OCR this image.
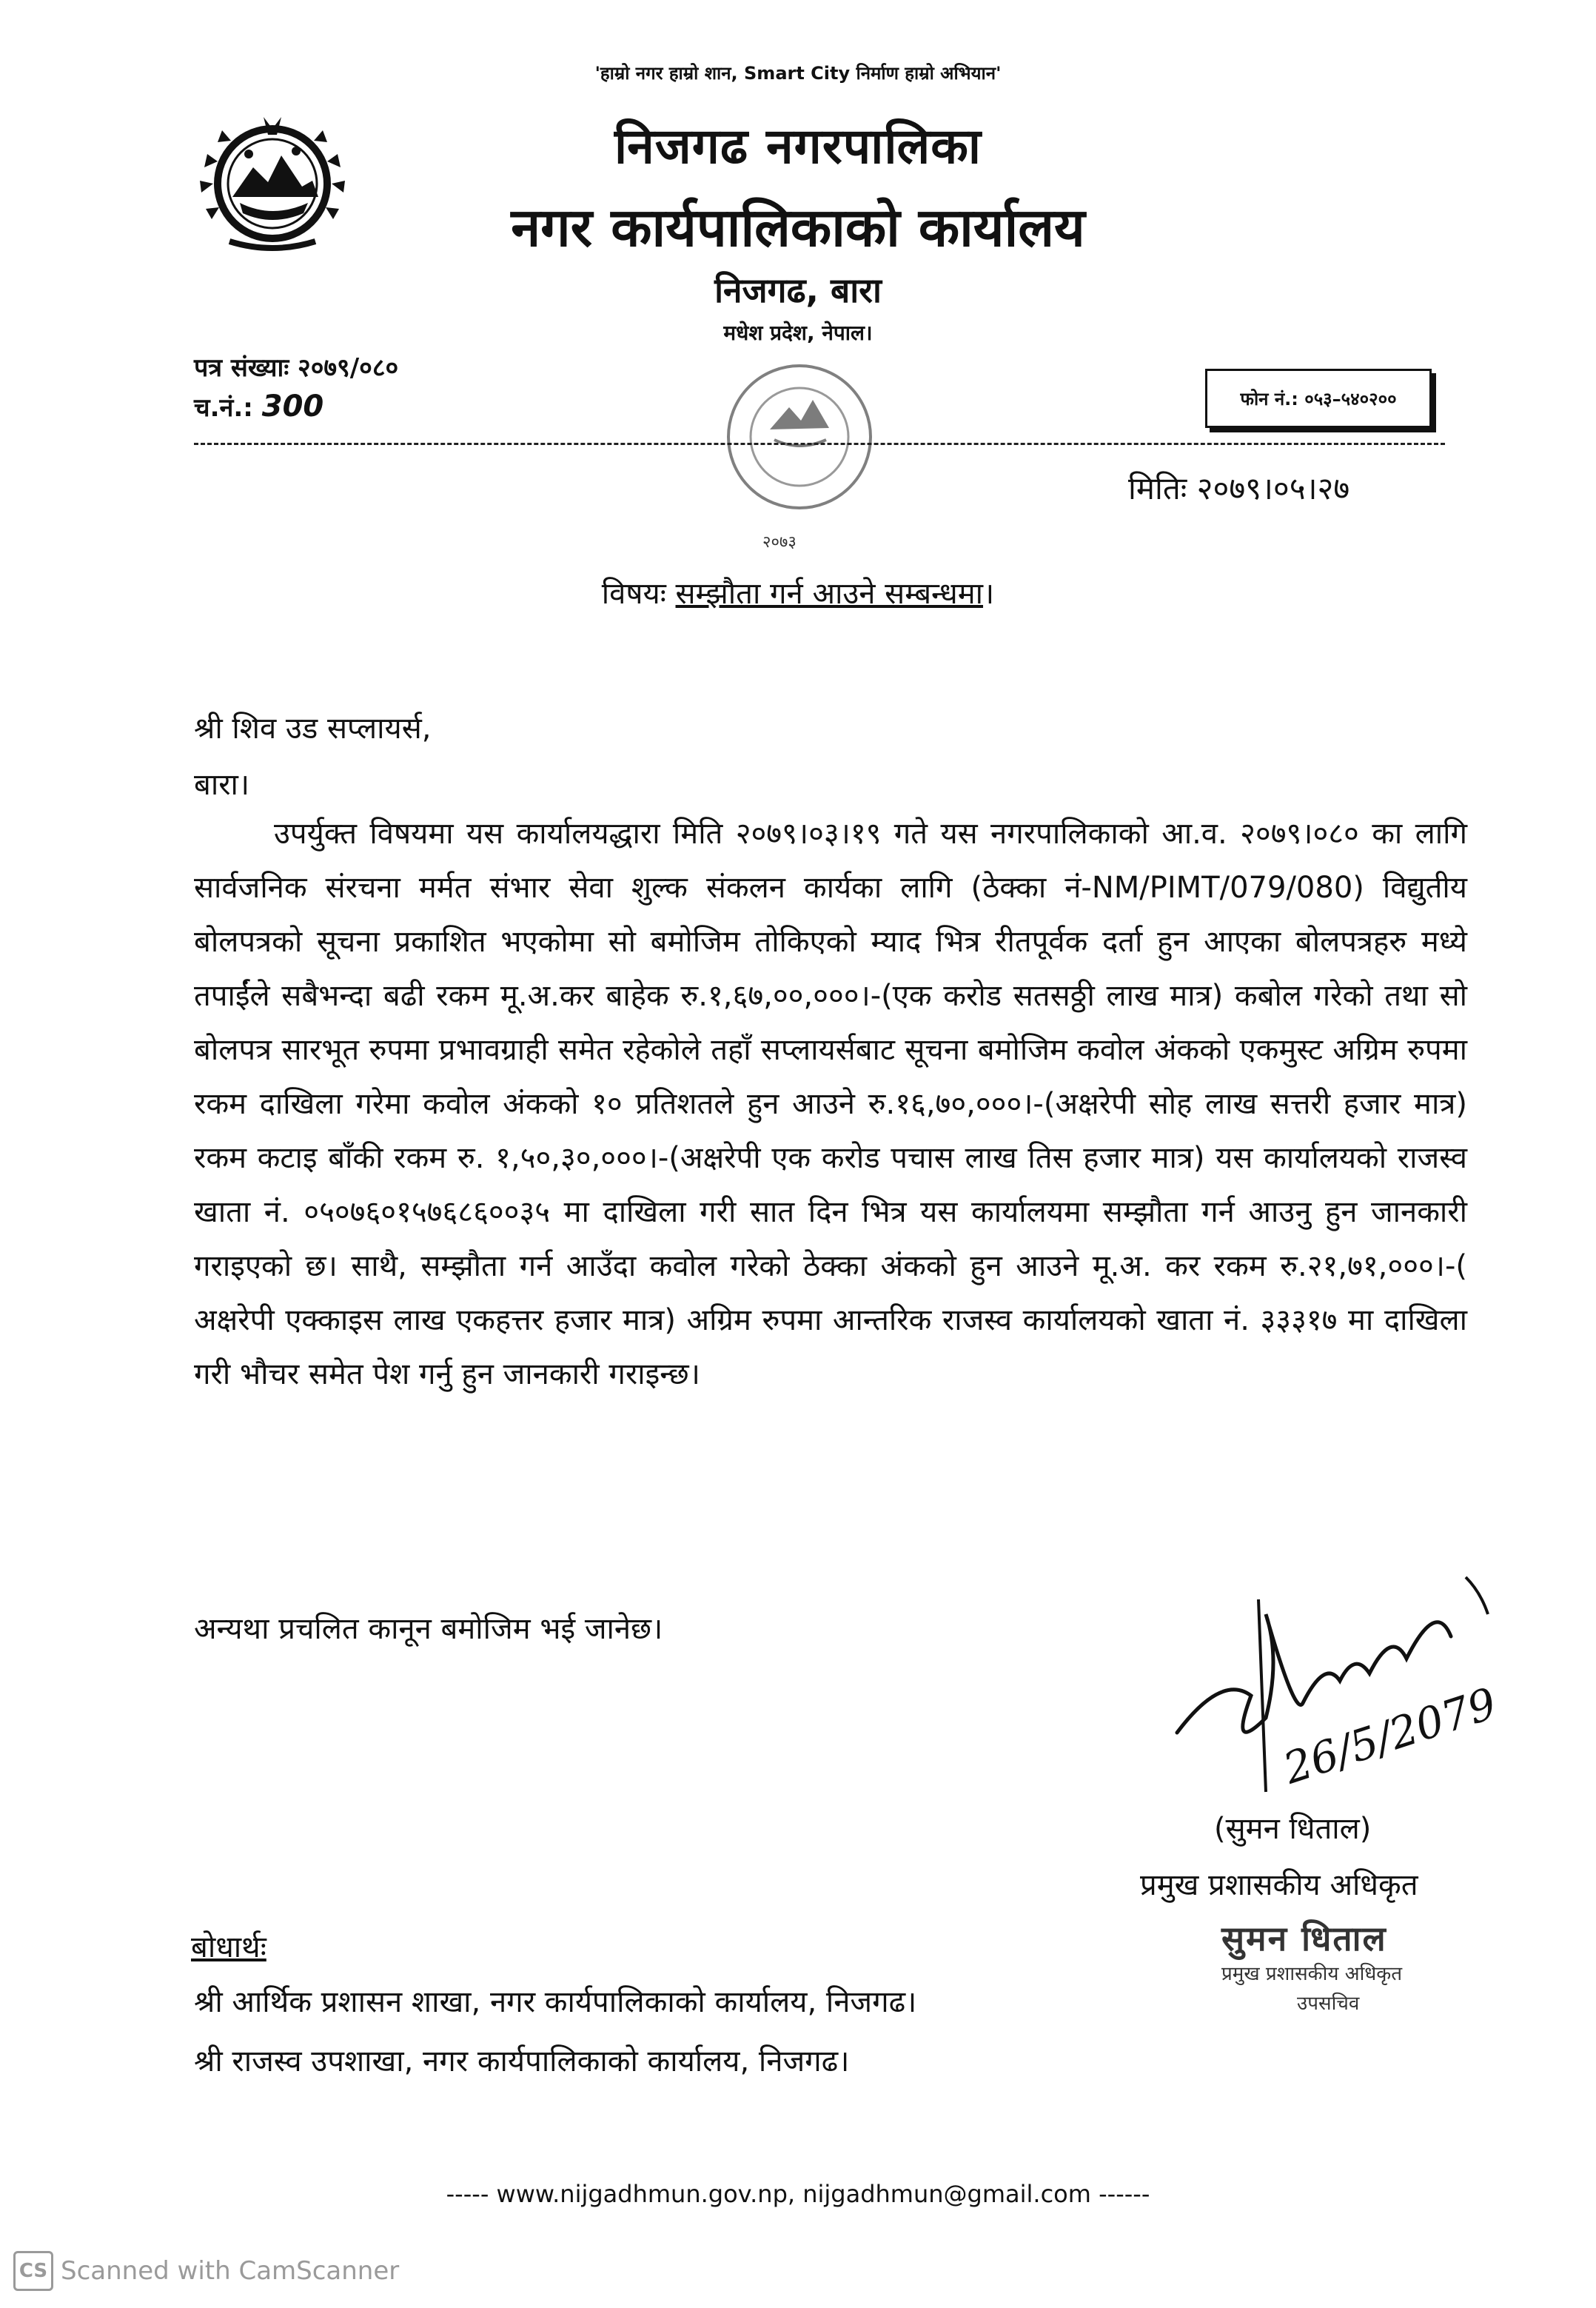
'हाम्रो नगर हाम्रो शान, Smart City निर्माण हाम्रो अभियान'
निजगढ नगरपालिका
नगर कार्यपालिकाको कार्यालय
निजगढ, बारा
मधेश प्रदेश, नेपाल।
२०७३
पत्र संख्याः २०७९/०८०
च.नं.: 300	फोन नं.: ०५३–५४०२००
मितिः २०७९।०५।२७
विषयः सम्झौता गर्न आउने सम्बन्धमा।
श्री शिव उड सप्लायर्स,
बारा।

उपर्युक्त विषयमा यस कार्यालयद्धारा मिति २०७९।०३।१९ गते यस नगरपालिकाको आ.व. २०७९।०८० का लागि सार्वजनिक संरचना मर्मत संभार सेवा शुल्क संकलन कार्यका लागि (ठेक्का नं-NM/PIMT/079/080) विद्युतीय बोलपत्रको सूचना प्रकाशित भएकोमा सो बमोजिम तोकिएको म्याद भित्र रीतपूर्वक दर्ता हुन आएका बोलपत्रहरु मध्ये तपाईंले सबैभन्दा बढी रकम मू.अ.कर बाहेक रु.१,६७,००,०००।-(एक करोड सतसठ्ठी लाख मात्र) कबोल गरेको तथा सो बोलपत्र सारभूत रुपमा प्रभावग्राही समेत रहेकोले तहाँ सप्लायर्सबाट सूचना बमोजिम कवोल अंकको एकमुस्ट अग्रिम रुपमा रकम दाखिला गरेमा कवोल अंकको १० प्रतिशतले हुन आउने रु.१६,७०,०००।-(अक्षरेपी सोह लाख सत्तरी हजार मात्र) रकम कटाइ बाँकी रकम रु. १,५०,३०,०००।-(अक्षरेपी एक करोड पचास लाख तिस हजार मात्र) यस कार्यालयको राजस्व खाता नं. ०५०७६०१५७६८६००३५ मा दाखिला गरी सात दिन भित्र यस कार्यालयमा सम्झौता गर्न आउनु हुन जानकारी गराइएको छ। साथै, सम्झौता गर्न आउँदा कवोल गरेको ठेक्का अंकको हुन आउने मू.अ. कर रकम रु.२१,७१,०००।-( अक्षरेपी एक्काइस लाख एकहत्तर हजार मात्र) अग्रिम रुपमा आन्तरिक राजस्व कार्यालयको खाता नं. ३३३१७ मा दाखिला गरी भौचर समेत पेश गर्नु हुन जानकारी गराइन्छ।

अन्यथा प्रचलित कानून बमोजिम भई जानेछ।
26/5/2079
(सुमन धिताल)
प्रमुख प्रशासकीय अधिकृत
सुमन धिताल
प्रमुख प्रशासकीय अधिकृत
उपसचिव
बोधार्थः
श्री आर्थिक प्रशासन शाखा, नगर कार्यपालिकाको कार्यालय, निजगढ।
श्री राजस्व उपशाखा, नगर कार्यपालिकाको कार्यालय, निजगढ।
----- www.nijgadhmun.gov.np, nijgadhmun@gmail.com ------
CS Scanned with CamScanner
